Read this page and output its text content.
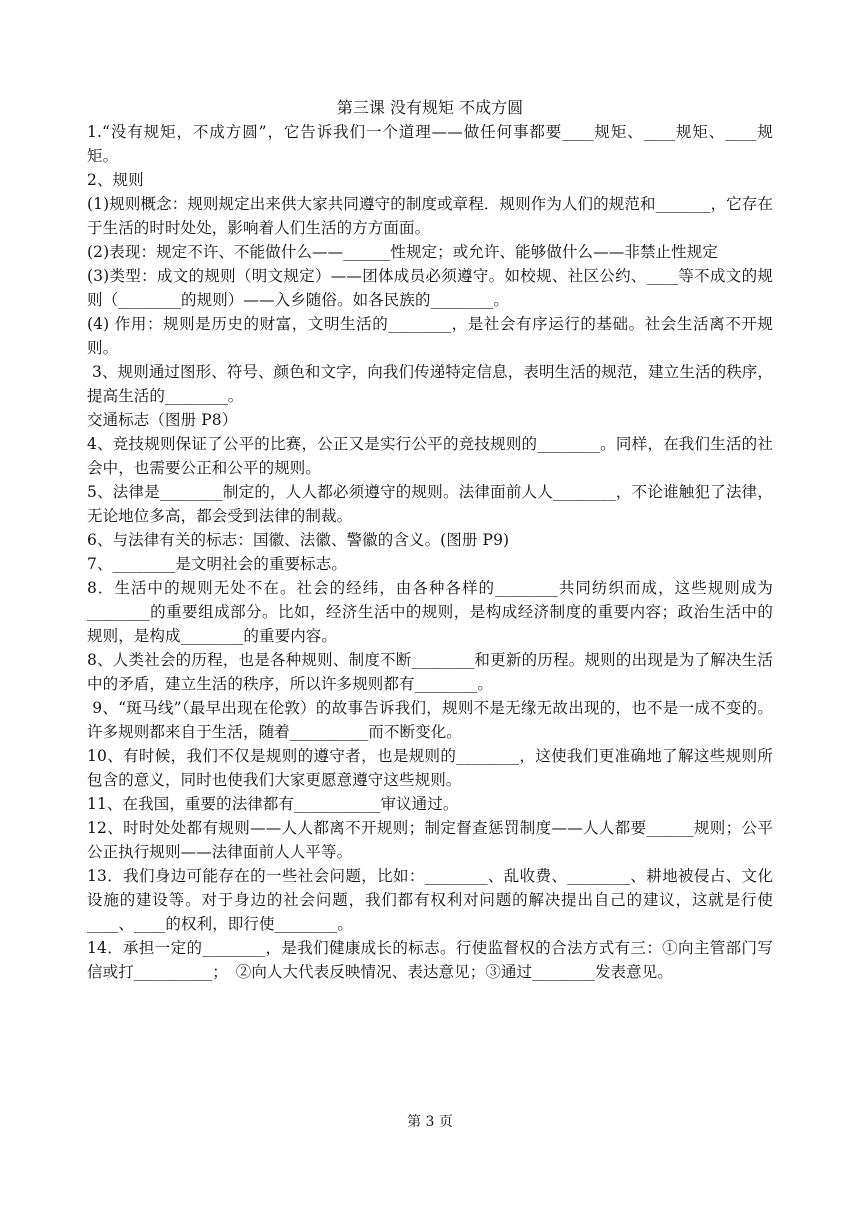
第三课 没有规矩 不成方圆

1.“没有规矩，不成方圆”，它告诉我们一个道理——做任何事都要____规矩、____规矩、____规矩。

2、规则

(1)规则概念：规则规定出来供大家共同遵守的制度或章程．规则作为人们的规范和_______，它存在于生活的时时处处，影响着人们生活的方方面面。

(2)表现：规定不许、不能做什么——______性规定；或允许、能够做什么——非禁止性规定

(3)类型：成文的规则（明文规定）——团体成员必须遵守。如校规、社区公约、____等不成文的规则（________的规则）——入乡随俗。如各民族的________。

(4) 作用：规则是历史的财富，文明生活的________，是社会有序运行的基础。社会生活离不开规则。

3、规则通过图形、符号、颜色和文字，向我们传递特定信息，表明生活的规范，建立生活的秩序，提高生活的________。

交通标志（图册 P8）

4、竞技规则保证了公平的比赛，公正又是实行公平的竞技规则的________。同样，在我们生活的社会中，也需要公正和公平的规则。

5、法律是________制定的，人人都必须遵守的规则。法律面前人人________，不论谁触犯了法律，无论地位多高，都会受到法律的制裁。

6、与法律有关的标志：国徽、法徽、警徽的含义。(图册 P9)

7、________是文明社会的重要标志。

8．生活中的规则无处不在。社会的经纬，由各种各样的________共同纺织而成，这些规则成为________的重要组成部分。比如，经济生活中的规则，是构成经济制度的重要内容；政治生活中的规则，是构成________的重要内容。

8、人类社会的历程，也是各种规则、制度不断________和更新的历程。规则的出现是为了解决生活中的矛盾，建立生活的秩序，所以许多规则都有________。

9、“斑马线”（最早出现在伦敦）的故事告诉我们，规则不是无缘无故出现的，也不是一成不变的。许多规则都来自于生活，随着__________而不断变化。

10、有时候，我们不仅是规则的遵守者，也是规则的________，这使我们更准确地了解这些规则所包含的意义，同时也使我们大家更愿意遵守这些规则。

11、在我国，重要的法律都有___________审议通过。

12、时时处处都有规则——人人都离不开规则；制定督查惩罚制度——人人都要______规则；公平公正执行规则——法律面前人人平等。

13．我们身边可能存在的一些社会问题，比如：________、乱收费、________、耕地被侵占、文化设施的建设等。对于身边的社会问题，我们都有权利对问题的解决提出自己的建议，这就是行使____、____的权利，即行使________。

14．承担一定的________，是我们健康成长的标志。行使监督权的合法方式有三：①向主管部门写信或打__________；　②向人大代表反映情况、表达意见；③通过________发表意见。

第 3 页
